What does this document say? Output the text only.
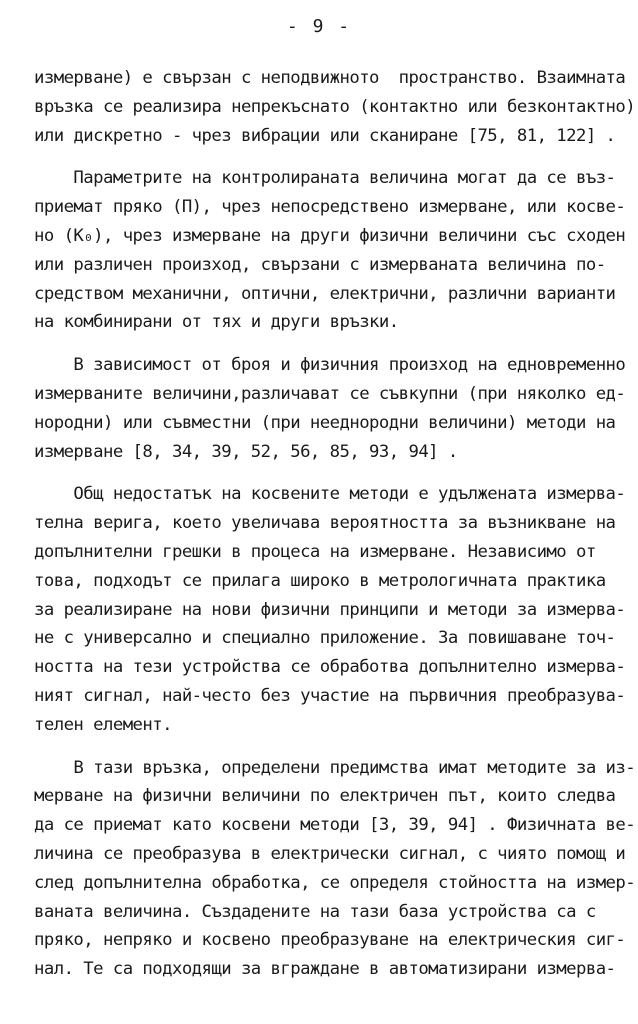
- 9 -
измерване) е свързан с неподвижното  пространство. Взаимната
връзка се реализира непрекъснато (контактно или безконтактно)
или дискретно - чрез вибрации или сканиране [75, 81, 122] .
Параметрите на контролираната величина могат да се въз-
приемат пряко (П), чрез непосредствено измерване, или косве-
но (К₀), чрез измерване на други физични величини със сходен
или различен произход, свързани с измерваната величина по-
средством механични, оптични, електрични, различни варианти
на комбинирани от тях и други връзки.
В зависимост от броя и физичния произход на едновременно
измерваните величини,различават се съвкупни (при няколко ед-
нородни) или съвместни (при нееднородни величини) методи на
измерване [8, 34, 39, 52, 56, 85, 93, 94] .
Общ недостатък на косвените методи е удължената измерва-
телна верига, което увеличава вероятността за възникване на
допълнителни грешки в процеса на измерване. Независимо от
това, подходът се прилага широко в метрологичната практика
за реализиране на нови физични принципи и методи за измерва-
не с универсално и специално приложение. За повишаване точ-
ността на тези устройства се обработва допълнително измерва-
ният сигнал, най-често без участие на първичния преобразува-
телен елемент.
В тази връзка, определени предимства имат методите за из-
мерване на физични величини по електричен път, които следва
да се приемат като косвени методи [3, 39, 94] . Физичната ве-
личина се преобразува в електрически сигнал, с чиято помощ и
след допълнителна обработка, се определя стойността на измер-
ваната величина. Създадените на тази база устройства са с
пряко, непряко и косвено преобразуване на електрическия сиг-
нал. Те са подходящи за вграждане в автоматизирани измерва-
